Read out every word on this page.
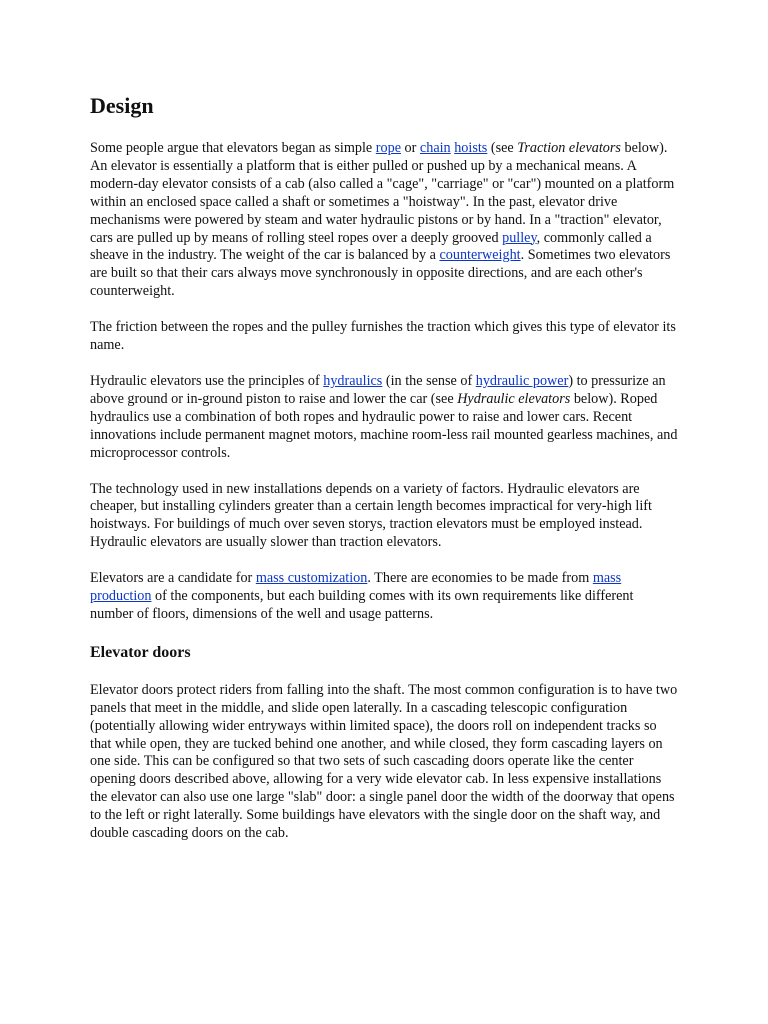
Design

Some people argue that elevators began as simple rope or chain hoists (see Traction elevators below). An elevator is essentially a platform that is either pulled or pushed up by a mechanical means. A modern-day elevator consists of a cab (also called a "cage", "carriage" or "car") mounted on a platform within an enclosed space called a shaft or sometimes a "hoistway". In the past, elevator drive mechanisms were powered by steam and water hydraulic pistons or by hand. In a "traction" elevator, cars are pulled up by means of rolling steel ropes over a deeply grooved pulley, commonly called a sheave in the industry. The weight of the car is balanced by a counterweight. Sometimes two elevators are built so that their cars always move synchronously in opposite directions, and are each other's counterweight.

The friction between the ropes and the pulley furnishes the traction which gives this type of elevator its name.

Hydraulic elevators use the principles of hydraulics (in the sense of hydraulic power) to pressurize an above ground or in-ground piston to raise and lower the car (see Hydraulic elevators below). Roped hydraulics use a combination of both ropes and hydraulic power to raise and lower cars. Recent innovations include permanent magnet motors, machine room-less rail mounted gearless machines, and microprocessor controls.

The technology used in new installations depends on a variety of factors. Hydraulic elevators are cheaper, but installing cylinders greater than a certain length becomes impractical for very-high lift hoistways. For buildings of much over seven storys, traction elevators must be employed instead. Hydraulic elevators are usually slower than traction elevators.

Elevators are a candidate for mass customization. There are economies to be made from mass production of the components, but each building comes with its own requirements like different number of floors, dimensions of the well and usage patterns.

Elevator doors

Elevator doors protect riders from falling into the shaft. The most common configuration is to have two panels that meet in the middle, and slide open laterally. In a cascading telescopic configuration (potentially allowing wider entryways within limited space), the doors roll on independent tracks so that while open, they are tucked behind one another, and while closed, they form cascading layers on one side. This can be configured so that two sets of such cascading doors operate like the center opening doors described above, allowing for a very wide elevator cab. In less expensive installations the elevator can also use one large "slab" door: a single panel door the width of the doorway that opens to the left or right laterally. Some buildings have elevators with the single door on the shaft way, and double cascading doors on the cab.
